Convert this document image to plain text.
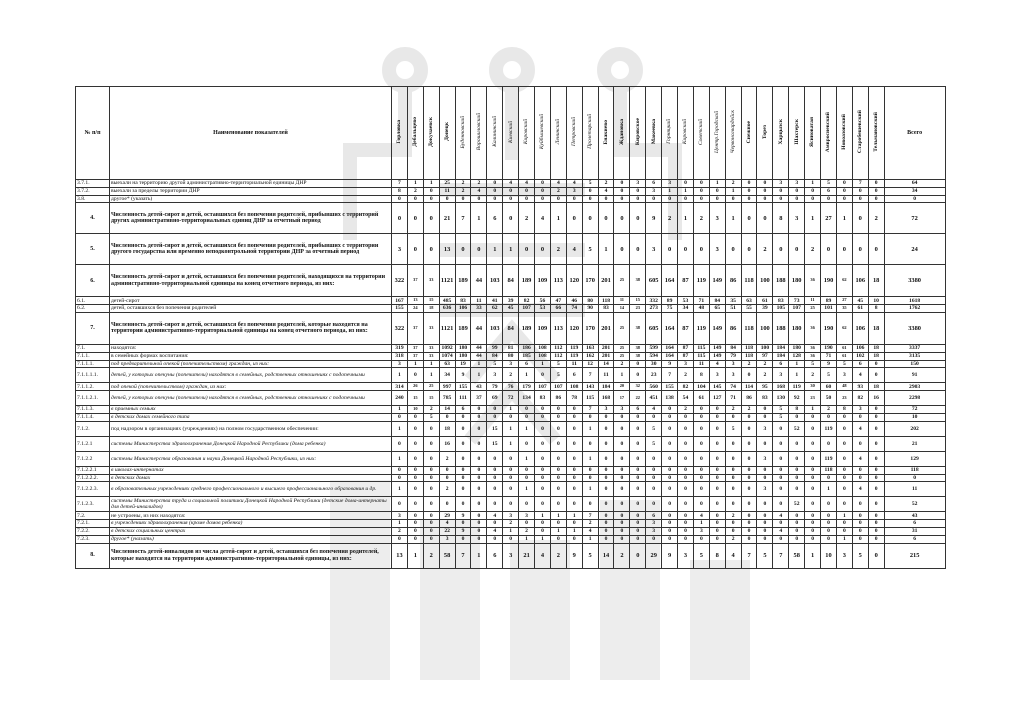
№ п/п	Наименование показателей	Горловка	Дебальцево	Докучаевск	Донецк	Буденновский	Ворошиловский	Калининский	Киевский	Кировский	Куйбышевский	Ленинский	Петровский	Пролетарский	Енакиево	Ждановка	Кировское	Макеевка	Горняцкий	Кировский	Советский	Центр.Городской	Червоногвардейск	Снежное	Торез	Харцызск	Шахтерск	Ясиноватая	Амвросиевский	Новоазовский	Старобешевский	Тельмановский	Всего
3.7.1.	выехали на территорию другой административно-территориальной единицы ДНР	7	1	1	25	2	2	0	4	4	0	4	4	5	2	0	3	6	3	0	0	1	2	0	0	3	3	1	5	0	7	0	64
3.7.2.	выехали за пределы территории ДНР	8	2	0	11	2	4	0	0	0	0	2	3	0	4	0	0	3	1	1	0	0	1	0	0	0	0	0	6	0	0	0	34
3.8.	другое* (указать)	0	0	0	0	0	0	0	0	0	0	0	0	0	0	0	0	0	0	0	0	0	0	0	0	0	0	0	0	0	0	0	0
4.	Численность детей-сирот и детей, оставшихся без попечения родителей, прибывших с территорий других административно-территориальных единиц ДНР за отчетный период	0	0	0	21	7	1	6	0	2	4	1	0	0	0	0	0	9	2	1	2	3	1	0	0	8	3	1	27	1	0	2	72
5.	Численность детей-сирот и детей, оставшихся без попечения родителей, прибывших с территории другого государства или временно неподконтрольной территории ДНР за отчетный период	3	0	0	13	0	0	1	1	0	0	2	4	5	1	0	0	3	0	0	0	3	0	0	2	0	0	2	0	0	0	0	24
6.	Численность детей-сирот и детей, оставшихся без попечения родителей, находящихся на территории административно-территориальной единицы на конец отчетного периода, из них:	322	37	33	1121	189	44	103	84	189	109	113	120	170	201	25	38	605	164	87	119	149	86	118	100	188	180	36	190	62	106	18	3380
6.1.	детей-сирот	167	13	15	485	83	11	41	39	82	56	47	46	80	118	11	15	332	89	53	71	84	35	63	61	83	73	11	89	27	45	10	1618
6.2.	детей, оставшихся без попечения родителей	155	24	18	636	106	33	62	45	107	53	66	74	90	83	14	23	273	75	34	48	65	51	55	39	105	107	25	101	35	61	8	1762
7.	Численность детей-сирот и детей, оставшихся без попечения родителей, которые находятся на территории административно-территориальной единицы на конец отчетного периода, из них:	322	37	33	1121	189	44	103	84	189	109	113	120	170	201	25	38	605	164	87	119	149	86	118	100	188	180	36	190	62	106	18	3380
7.1.	находятся:	319	37	33	1092	180	44	99	81	186	108	112	119	163	201	25	38	599	164	87	115	149	84	118	100	184	180	36	190	61	106	18	3337
7.1.1.	в семейных формах воспитания:	318	37	33	1074	180	44	84	80	185	108	112	119	162	201	25	38	594	164	87	115	149	79	118	97	184	128	36	71	61	102	18	3135
7.1.1.1.	под предварительной опекой (попечительством) граждан, из них:	3	1	1	63	19	1	5	3	6	1	5	11	12	14	2	0	30	9	3	11	4	3	2	2	6	1	5	9	5	6	0	150
7.1.1.1.1.	детей, у которых опекуны (попечители) находятся в семейных, родственных отношениях с подопечными	1	0	1	34	9	1	3	2	1	0	5	6	7	11	1	0	23	7	2	8	3	3	0	2	3	1	2	5	3	4	0	91
7.1.1.2.	под опекой (попечительством) граждан, из них:	314	26	25	997	155	43	79	76	179	107	107	108	143	184	20	32	560	155	82	104	145	74	114	95	168	119	30	60	48	93	18	2903
7.1.1.2.1.	детей, у которых опекуны (попечители) находятся в семейных, родственных отношениях с подопечными	240	15	15	785	111	37	69	72	134	83	86	78	115	168	17	22	451	138	54	61	127	71	86	83	130	92	23	50	23	82	16	2298
7.1.1.3.	в приемных семьях	1	10	2	14	6	0	0	1	0	0	0	0	7	3	3	6	4	0	2	0	0	2	2	0	5	8	1	2	8	3	0	72
7.1.1.4.	в детских домах семейного типа	0	0	5	0	0	0	0	0	0	0	0	0	0	0	0	0	0	0	0	0	0	0	0	0	5	0	0	0	0	0	0	10
7.1.2.	под надзором в организациях (учреждениях) на полном государственном обеспечении:	1	0	0	18	0	0	15	1	1	0	0	0	1	0	0	0	5	0	0	0	0	5	0	3	0	52	0	119	0	4	0	202
7.1.2.1	системы Министерства здравоохранения Донецкой Народной Республики (дома ребенка)	0	0	0	16	0	0	15	1	0	0	0	0	0	0	0	0	5	0	0	0	0	0	0	0	0	0	0	0	0	0	0	21
7.1.2.2	системы Министерства образования и науки Донецкой Народной Республики, из них:	1	0	0	2	0	0	0	0	1	0	0	0	1	0	0	0	0	0	0	0	0	0	0	3	0	0	0	119	0	4	0	129
7.1.2.2.1	в школах-интернатах	0	0	0	0	0	0	0	0	0	0	0	0	0	0	0	0	0	0	0	0	0	0	0	0	0	0	0	118	0	0	0	118
7.1.2.2.2.	в детских домах	0	0	0	0	0	0	0	0	0	0	0	0	0	0	0	0	0	0	0	0	0	0	0	0	0	0	0	0	0	0	0	0
7.1.2.2.3.	в образовательных учреждениях среднего профессионального и высшего профессионального образования и др.	1	0	0	2	0	0	0	0	1	0	0	0	1	0	0	0	0	0	0	0	0	0	0	3	0	0	0	1	0	4	0	11
7.1.2.3.	системы Министерства труда и социальной политики Донецкой Народной Республики (детские дома-интернаты для детей-инвалидов)	0	0	0	0	0	0	0	0	0	0	0	0	0	0	0	0	0	0	0	0	0	0	0	0	0	52	0	0	0	0	0	52
7.2.	не устроены, из них находятся:	3	0	0	29	9	0	4	3	3	1	1	1	7	0	0	0	6	0	0	4	0	2	0	0	4	0	0	0	1	0	0	43
7.2.1.	в учреждениях здравоохранения (кроме домов ребенка)	1	0	0	4	0	0	0	2	0	0	0	0	2	0	0	0	3	0	0	1	0	0	0	0	0	0	0	0	0	0	0	6
7.2.2.	в детских социальных центрах	2	0	0	22	9	0	4	1	2	0	1	1	4	0	0	0	3	0	0	3	0	0	0	0	4	0	0	0	0	0	0	31
7.2.3.	другое* (указать)	0	0	0	3	0	0	0	0	1	1	0	0	1	0	0	0	0	0	0	0	0	2	0	0	0	0	0	0	1	0	0	6
8.	Численность детей-инвалидов из числа детей-сирот и детей, оставшихся без попечения родителей, которые находятся на территории административно-территориальной единицы, из них:	13	1	2	58	7	1	6	3	21	4	2	9	5	14	2	0	29	9	3	5	8	4	7	5	7	58	1	10	3	5	0	215
